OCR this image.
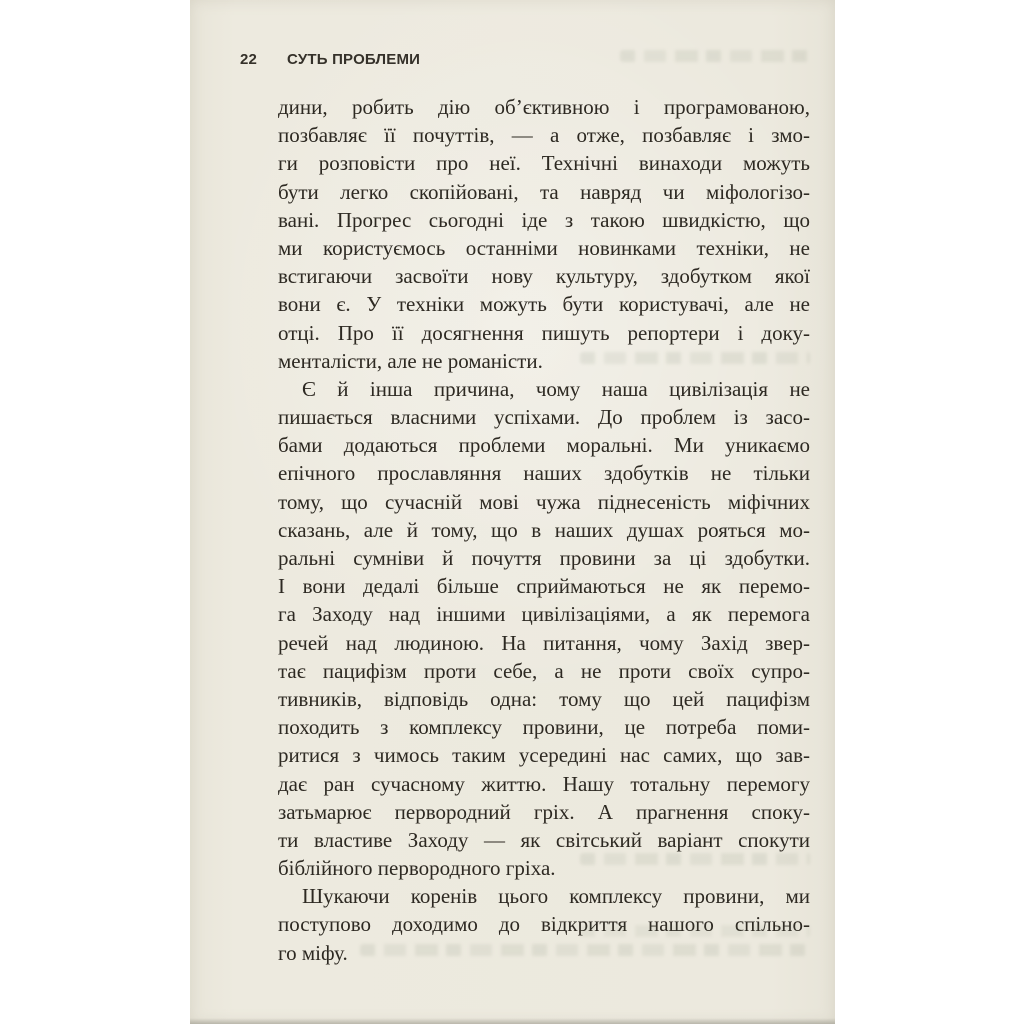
22 СУТЬ ПРОБЛЕМИ
дини, робить дію об’єктивною і програмованою,
позбавляє її почуттів, — а отже, позбавляє і змо-
ги розповісти про неї. Технічні винаходи можуть
бути легко скопійовані, та навряд чи міфологізо-
вані. Прогрес сьогодні іде з такою швидкістю, що
ми користуємось останніми новинками техніки, не
встигаючи засвоїти нову культуру, здобутком якої
вони є. У техніки можуть бути користувачі, але не
отці. Про її досягнення пишуть репортери і доку-
менталісти, але не романісти.
Є й інша причина, чому наша цивілізація не
пишається власними успіхами. До проблем із засо-
бами додаються проблеми моральні. Ми уникаємо
епічного прославляння наших здобутків не тільки
тому, що сучасній мові чужа піднесеність міфічних
сказань, але й тому, що в наших душах рояться мо-
ральні сумніви й почуття провини за ці здобутки.
І вони дедалі більше сприймаються не як перемо-
га Заходу над іншими цивілізаціями, а як перемога
речей над людиною. На питання, чому Захід звер-
тає пацифізм проти себе, а не проти своїх супро-
тивників, відповідь одна: тому що цей пацифізм
походить з комплексу провини, це потреба поми-
ритися з чимось таким усередині нас самих, що зав-
дає ран сучасному життю. Нашу тотальну перемогу
затьмарює первородний гріх. А прагнення споку-
ти властиве Заходу — як світський варіант спокути
біблійного первородного гріха.
Шукаючи коренів цього комплексу провини, ми
поступово доходимо до відкриття нашого спільно-
го міфу.
